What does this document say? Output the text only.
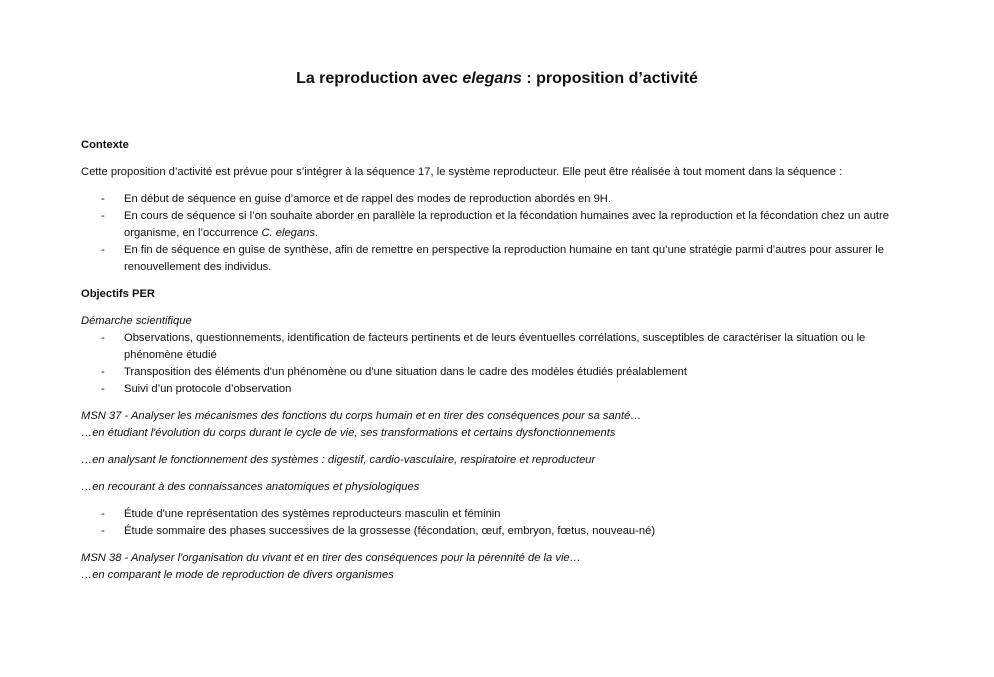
La reproduction avec elegans : proposition d’activité

Contexte

Cette proposition d’activité est prévue pour s’intégrer à la séquence 17, le système reproducteur. Elle peut être réalisée à tout moment dans la séquence :

- En début de séquence en guise d’amorce et de rappel des modes de reproduction abordés en 9H.
- En cours de séquence si l’on souhaite aborder en parallèle la reproduction et la fécondation humaines avec la reproduction et la fécondation chez un autre organisme, en l’occurrence C. elegans.
- En fin de séquence en guise de synthèse, afin de remettre en perspective la reproduction humaine en tant qu’une stratégie parmi d’autres pour assurer le renouvellement des individus.

Objectifs PER

Démarche scientifique

- Observations, questionnements, identification de facteurs pertinents et de leurs éventuelles corrélations, susceptibles de caractériser la situation ou le phénomène étudié
- Transposition des éléments d'un phénomène ou d'une situation dans le cadre des modèles étudiés préalablement
- Suivi d’un protocole d’observation

MSN 37 - Analyser les mécanismes des fonctions du corps humain et en tirer des conséquences pour sa santé…

…en étudiant l'évolution du corps durant le cycle de vie, ses transformations et certains dysfonctionnements

…en analysant le fonctionnement des systèmes : digestif, cardio-vasculaire, respiratoire et reproducteur

…en recourant à des connaissances anatomiques et physiologiques

- Étude d'une représentation des systèmes reproducteurs masculin et féminin
- Étude sommaire des phases successives de la grossesse (fécondation, œuf, embryon, fœtus, nouveau-né)

MSN 38 - Analyser l'organisation du vivant et en tirer des conséquences pour la pérennité de la vie…

…en comparant le mode de reproduction de divers organismes
